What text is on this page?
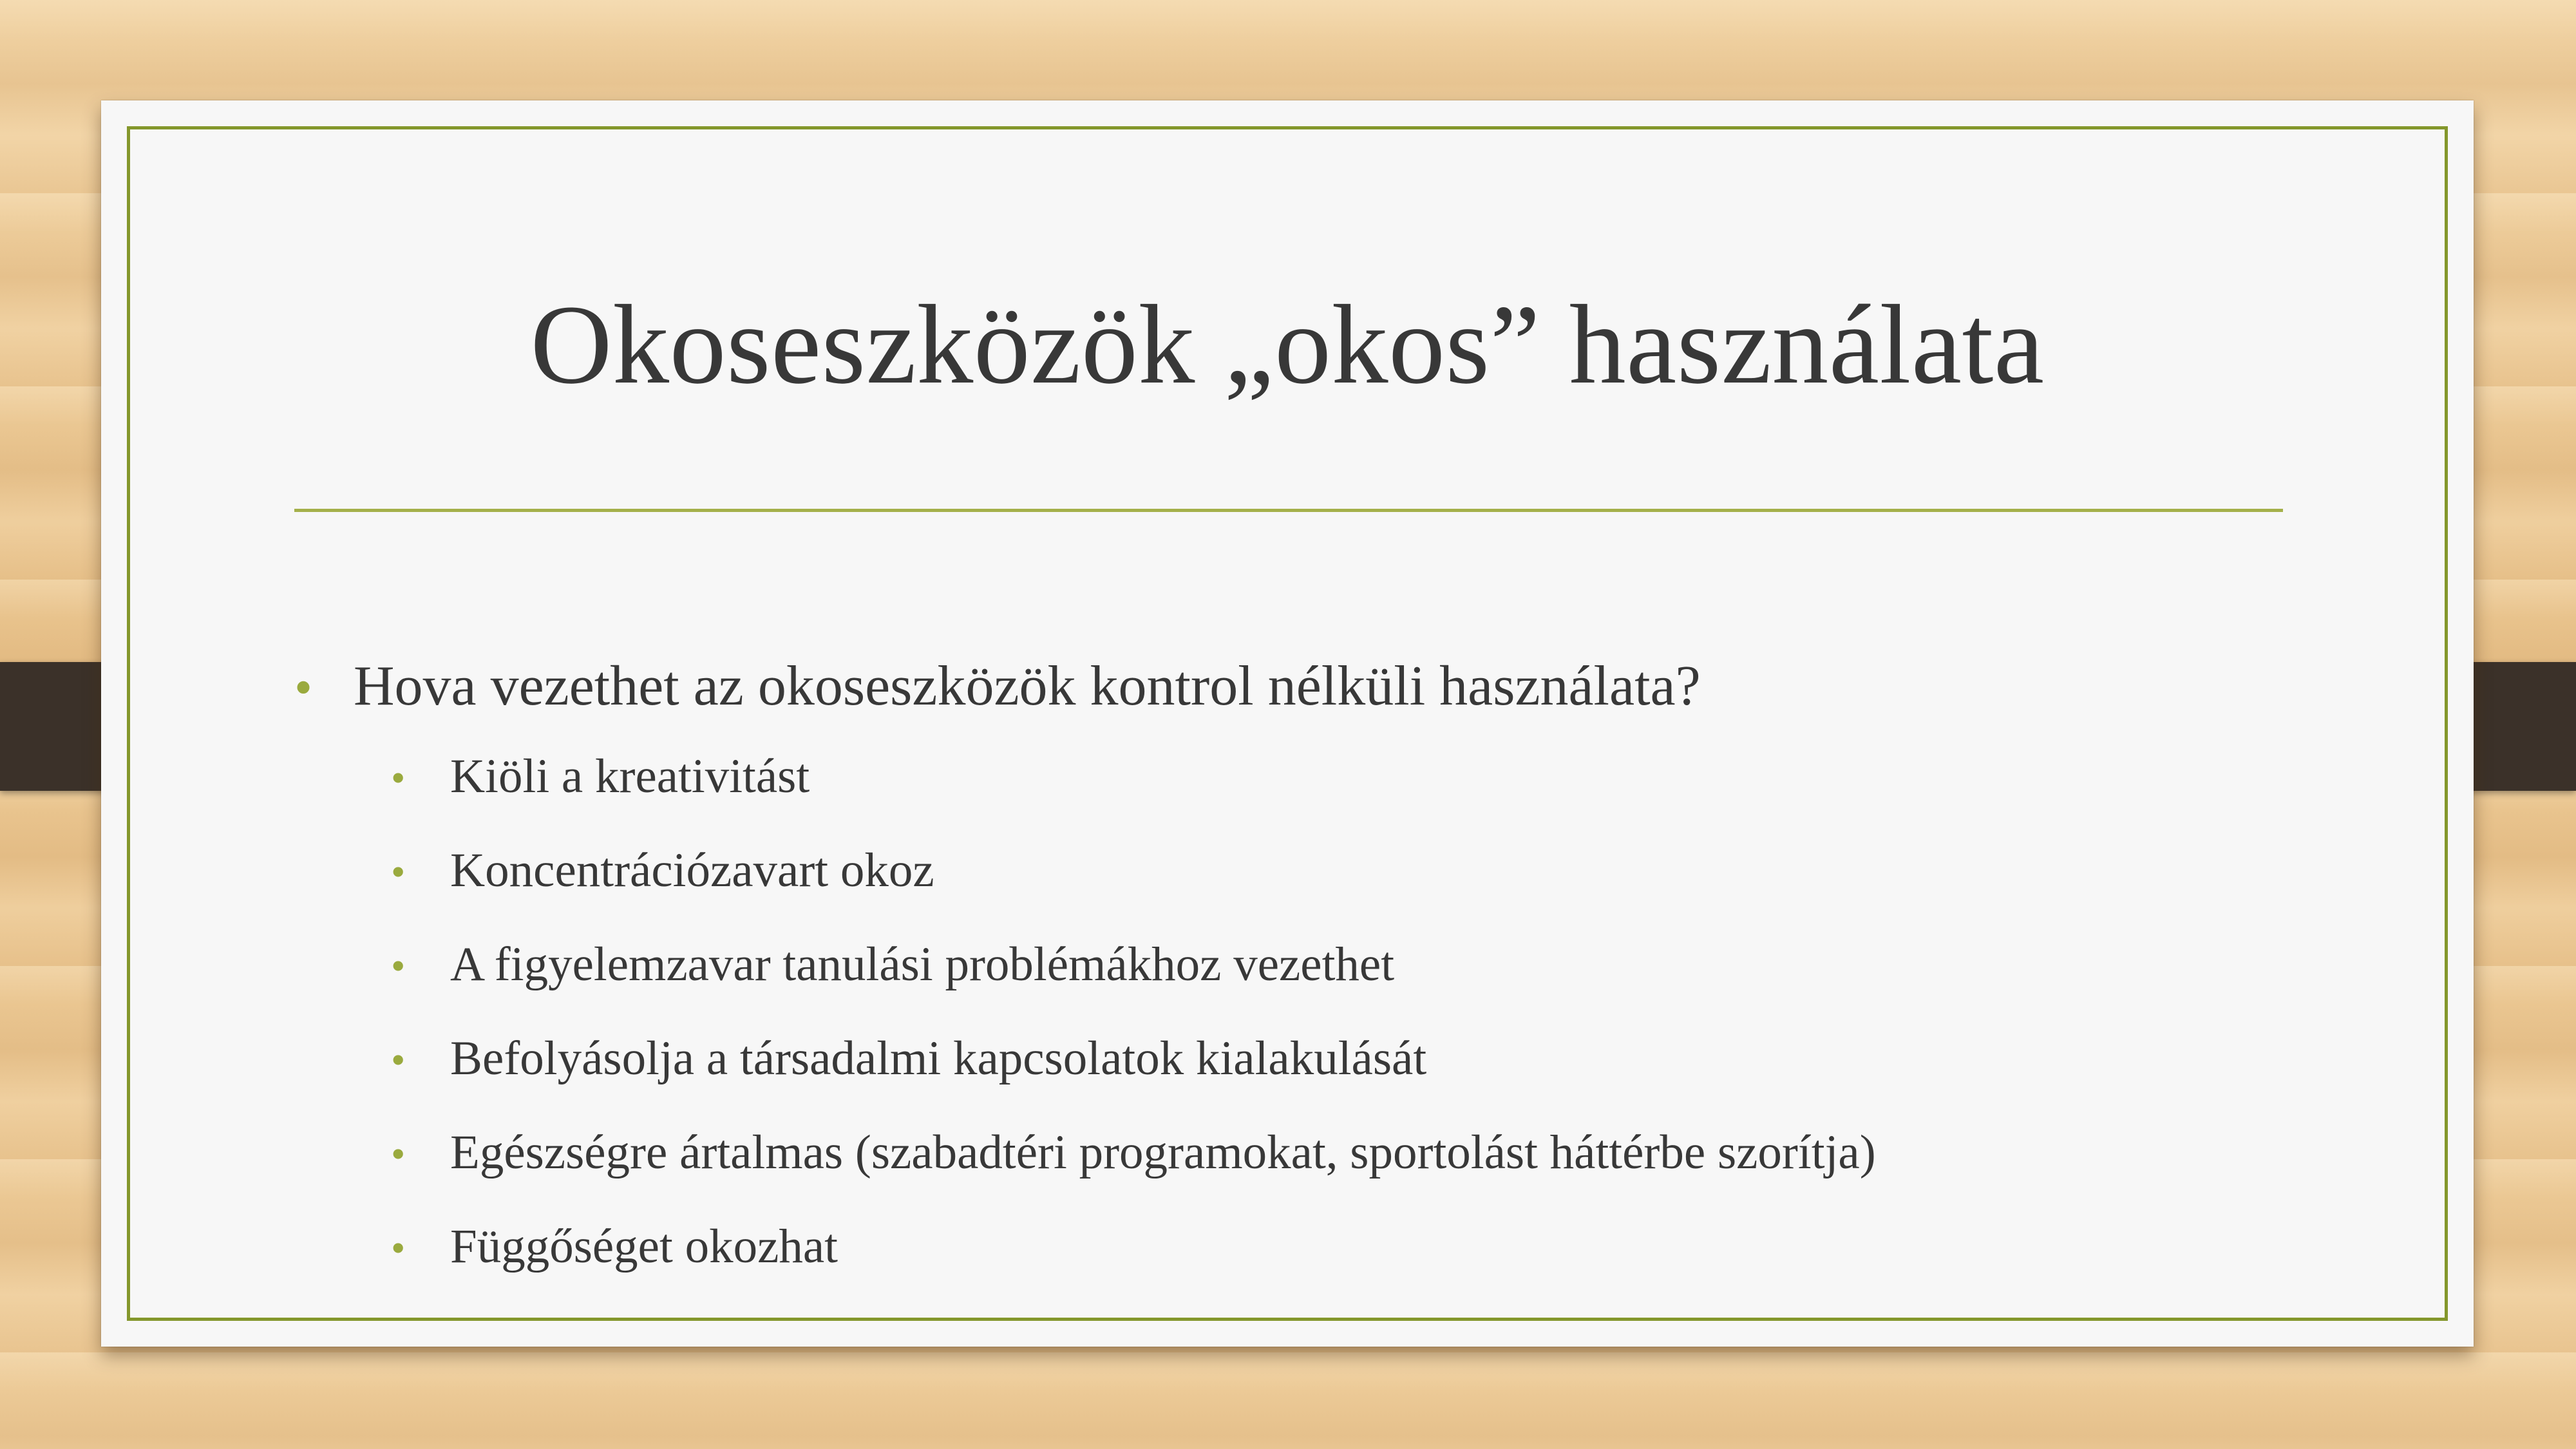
Okoseszközök „okos” használata
• Hova vezethet az okoseszközök kontrol nélküli használata?
• Kiöli a kreativitást
• Koncentrációzavart okoz
• A figyelemzavar tanulási problémákhoz vezethet
• Befolyásolja a társadalmi kapcsolatok kialakulását
• Egészségre ártalmas (szabadtéri programokat, sportolást háttérbe szorítja)
• Függőséget okozhat
